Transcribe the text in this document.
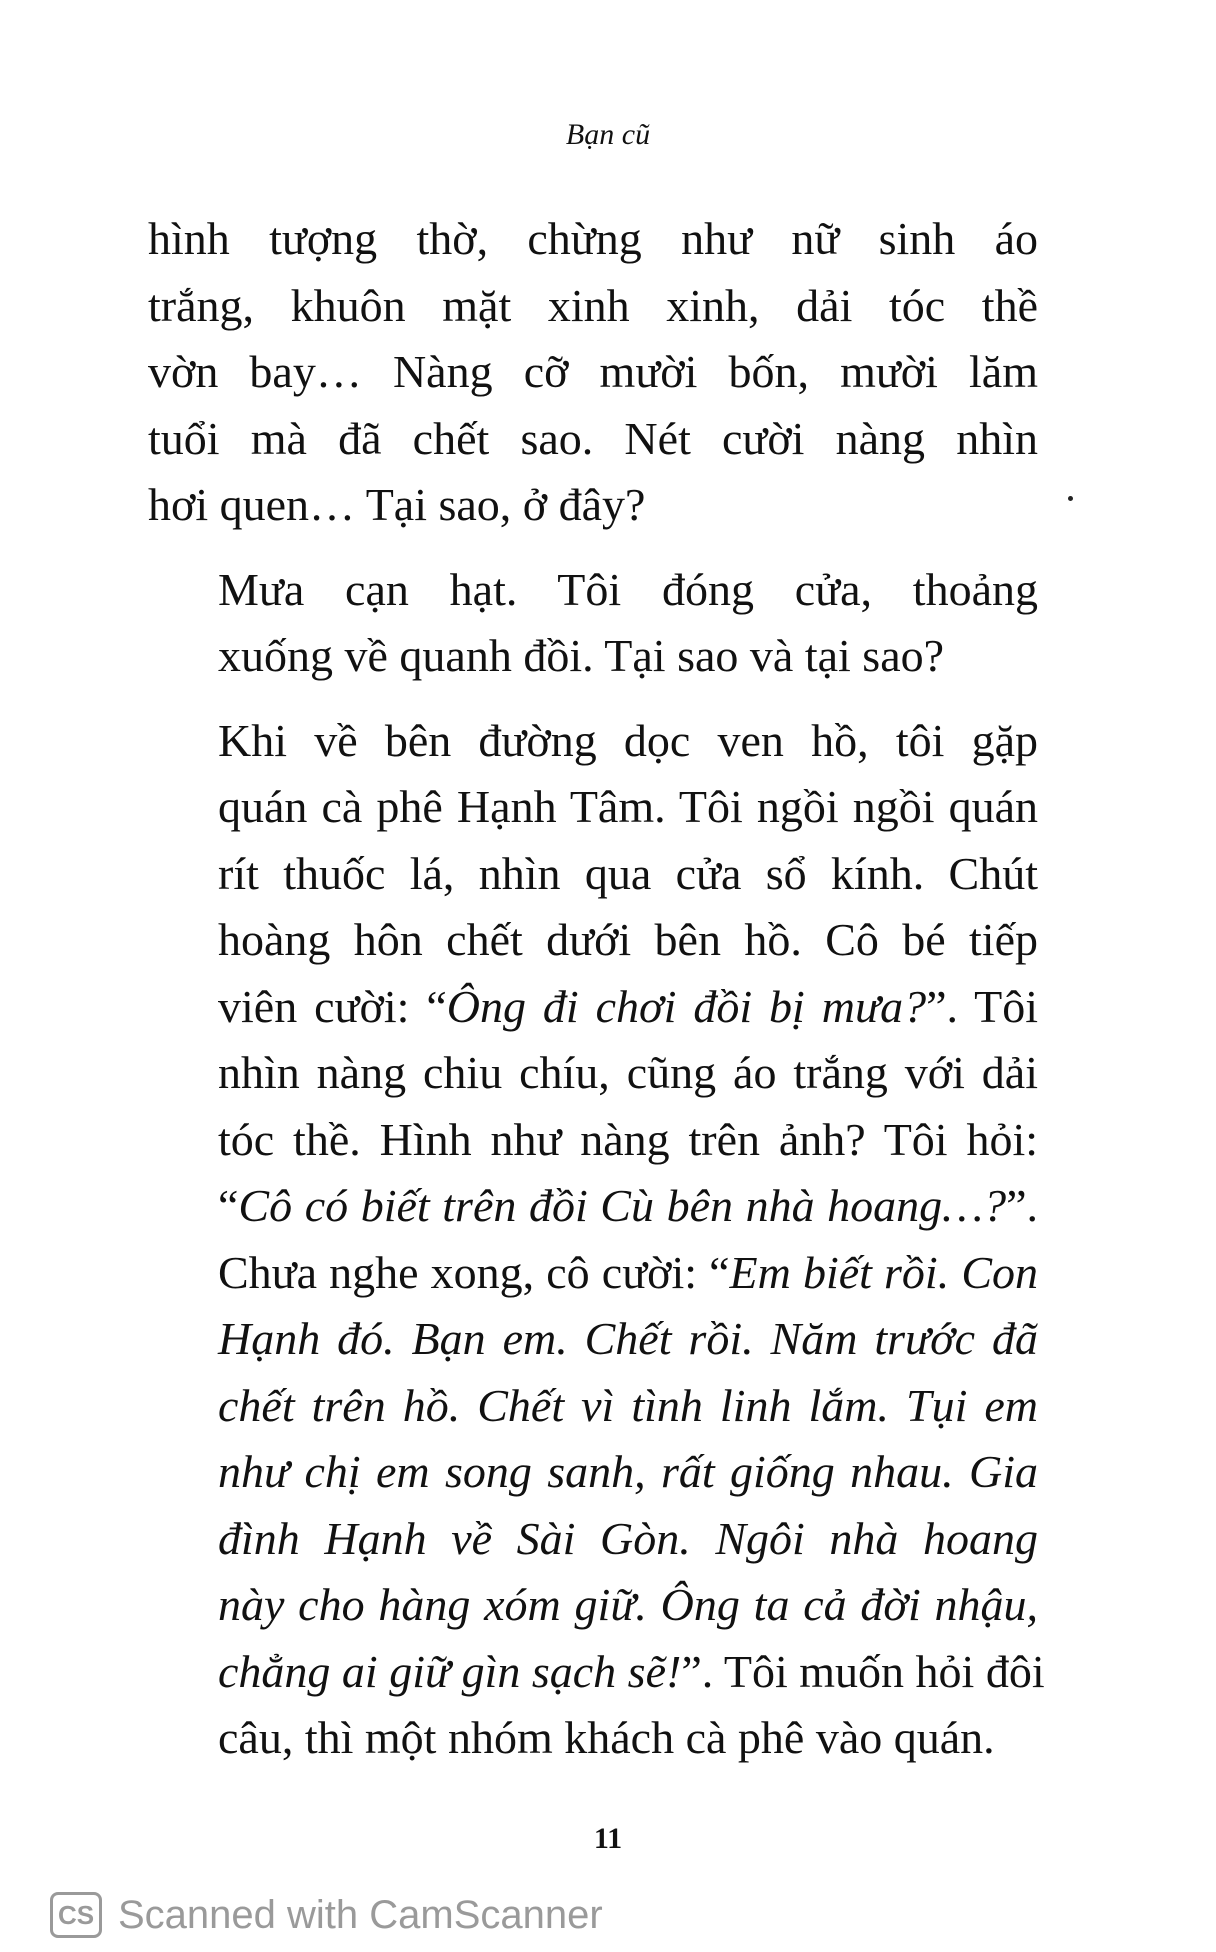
Bạn cũ

hình tượng thờ, chừng như nữ sinh áo
trắng, khuôn mặt xinh xinh, dải tóc thề
vờn bay… Nàng cỡ mười bốn, mười lăm
tuổi mà đã chết sao. Nét cười nàng nhìn
hơi quen… Tại sao, ở đây?

Mưa cạn hạt. Tôi đóng cửa, thoảng
xuống về quanh đồi. Tại sao và tại sao?

Khi về bên đường dọc ven hồ, tôi gặp
quán cà phê Hạnh Tâm. Tôi ngồi ngồi quán
rít thuốc lá, nhìn qua cửa sổ kính. Chút
hoàng hôn chết dưới bên hồ. Cô bé tiếp
viên cười: “Ông đi chơi đồi bị mưa?”. Tôi
nhìn nàng chiu chíu, cũng áo trắng với dải
tóc thề. Hình như nàng trên ảnh? Tôi hỏi:
“Cô có biết trên đồi Cù bên nhà hoang…?”.
Chưa nghe xong, cô cười: “Em biết rồi. Con
Hạnh đó. Bạn em. Chết rồi. Năm trước đã
chết trên hồ. Chết vì tình linh lắm. Tụi em
như chị em song sanh, rất giống nhau. Gia
đình Hạnh về Sài Gòn. Ngôi nhà hoang
này cho hàng xóm giữ. Ông ta cả đời nhậu,
chẳng ai giữ gìn sạch sẽ!”. Tôi muốn hỏi đôi
câu, thì một nhóm khách cà phê vào quán.

11
CS Scanned with CamScanner
